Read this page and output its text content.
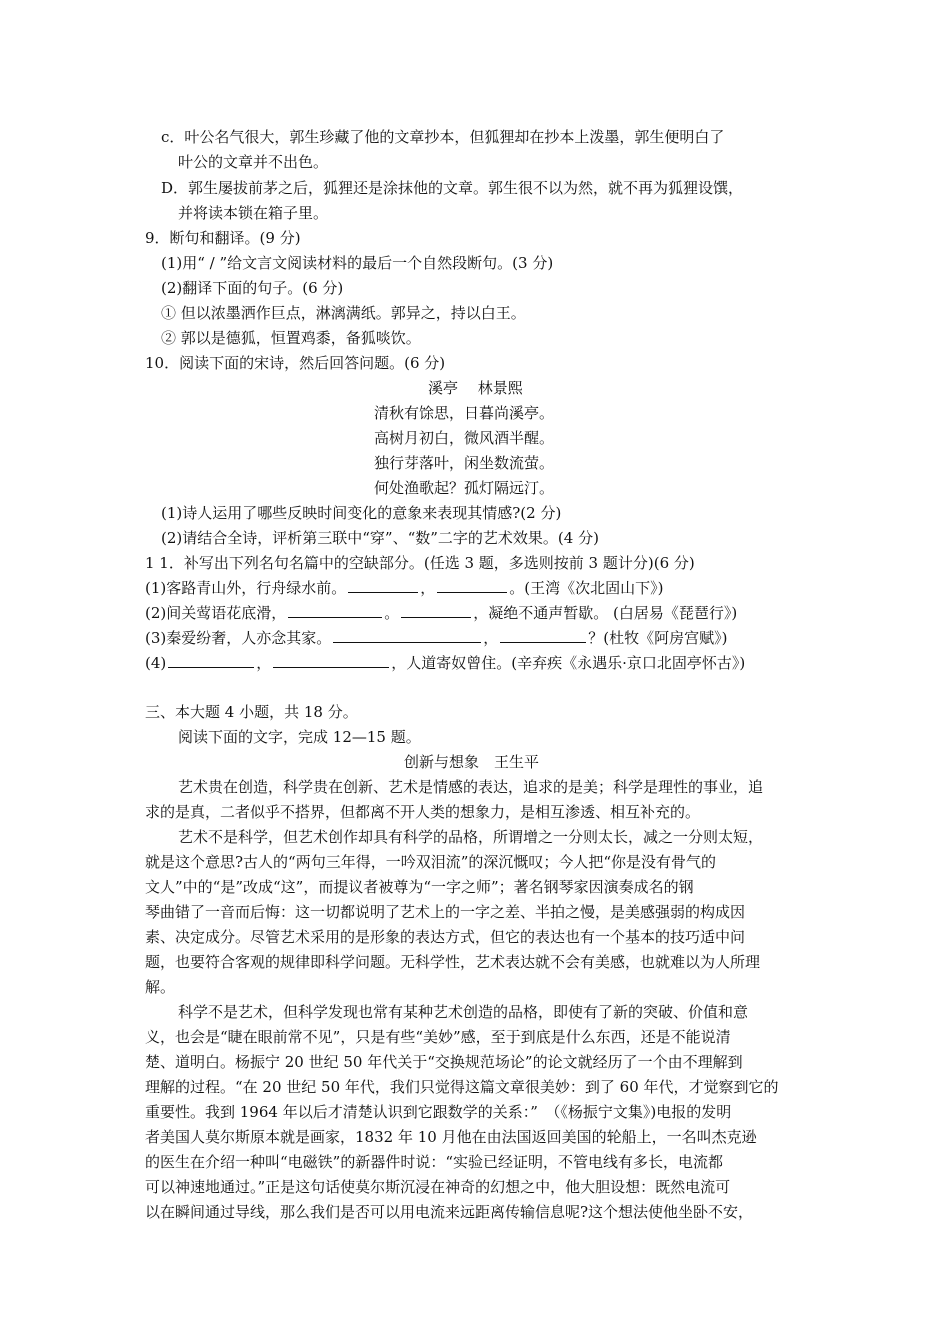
c．叶公名气很大，郭生珍藏了他的文章抄本，但狐狸却在抄本上泼墨，郭生便明白了
叶公的文章并不出色。
D．郭生屡拔前茅之后，狐狸还是涂抹他的文章。郭生很不以为然，就不再为狐狸设馔，
并将读本锁在箱子里。
9．断句和翻译。(9 分)
(1)用“ / ”给文言文阅读材料的最后一个自然段断句。(3 分)
(2)翻译下面的句子。(6 分)
① 但以浓墨洒作巨点，淋漓满纸。郭异之，持以白王。
② 郭以是德狐，恒置鸡黍，备狐啖饮。
10．阅读下面的宋诗，然后回答问题。(6 分)
溪亭　 林景熙
清秋有馀思，日暮尚溪亭。
高树月初白，微风酒半醒。
独行芽落叶，闲坐数流萤。
何处渔歌起？孤灯隔远汀。
(1)诗人运用了哪些反映时间变化的意象来表现其情感?(2 分)
(2)请结合全诗，评析第三联中“穿”、“数”二字的艺术效果。(4 分)
1 1．补写出下列名句名篇中的空缺部分。(任选 3 题，多选则按前 3 题计分)(6 分)
(1)客路青山外，行舟绿水前。	，	。(王湾《次北固山下》)
(2)间关莺语花底滑，	。	，凝绝不通声暂歇。 (白居易《琵琶行》)
(3)秦爱纷奢，人亦念其家。	，	？(杜牧《阿房宫赋》)
(4)	，	，人道寄奴曾住。(辛弃疾《永遇乐·京口北固亭怀古》)
三、本大题 4 小题，共 18 分。
阅读下面的文字，完成 12—15 题。
创新与想象　王生平
艺术贵在创造，科学贵在创新、艺术是情感的表达，追求的是美；科学是理性的事业，追
求的是真，二者似乎不搭界，但都离不开人类的想象力，是相互渗透、相互补充的。
艺术不是科学，但艺术创作却具有科学的品格，所谓增之一分则太长，减之一分则太短，
就是这个意思?古人的“两句三年得，一吟双泪流”的深沉慨叹；今人把“你是没有骨气的
文人”中的“是”改成“这”，而提议者被尊为“一字之师”；著名钢琴家因演奏成名的钢
琴曲错了一音而后悔：这一切都说明了艺术上的一字之差、半拍之慢，是美感强弱的构成因
素、决定成分。尽管艺术采用的是形象的表达方式，但它的表达也有一个基本的技巧适中问
题，也要符合客观的规律即科学问题。无科学性，艺术表达就不会有美感，也就难以为人所理
解。
科学不是艺术，但科学发现也常有某种艺术创造的品格，即使有了新的突破、价值和意
义，也会是“睫在眼前常不见”，只是有些“美妙”感，至于到底是什么东西，还是不能说清
楚、道明白。杨振宁 20 世纪 50 年代关于“交换规范场论”的论文就经历了一个由不理解到
理解的过程。“在 20 世纪 50 年代，我们只觉得这篇文章很美妙：到了 60 年代，才觉察到它的
重要性。我到 1964 年以后才清楚认识到它跟数学的关系：”　（《杨振宁文集》)电报的发明
者美国人莫尔斯原本就是画家，1832 年 10 月他在由法国返回美国的轮船上，一名叫杰克逊
的医生在介绍一种叫“电磁铁”的新器件时说：“实验已经证明，不管电线有多长，电流都
可以神速地通过。”正是这句话使莫尔斯沉浸在神奇的幻想之中，他大胆设想：既然电流可
以在瞬间通过导线，那么我们是否可以用电流来远距离传输信息呢?这个想法使他坐卧不安，
